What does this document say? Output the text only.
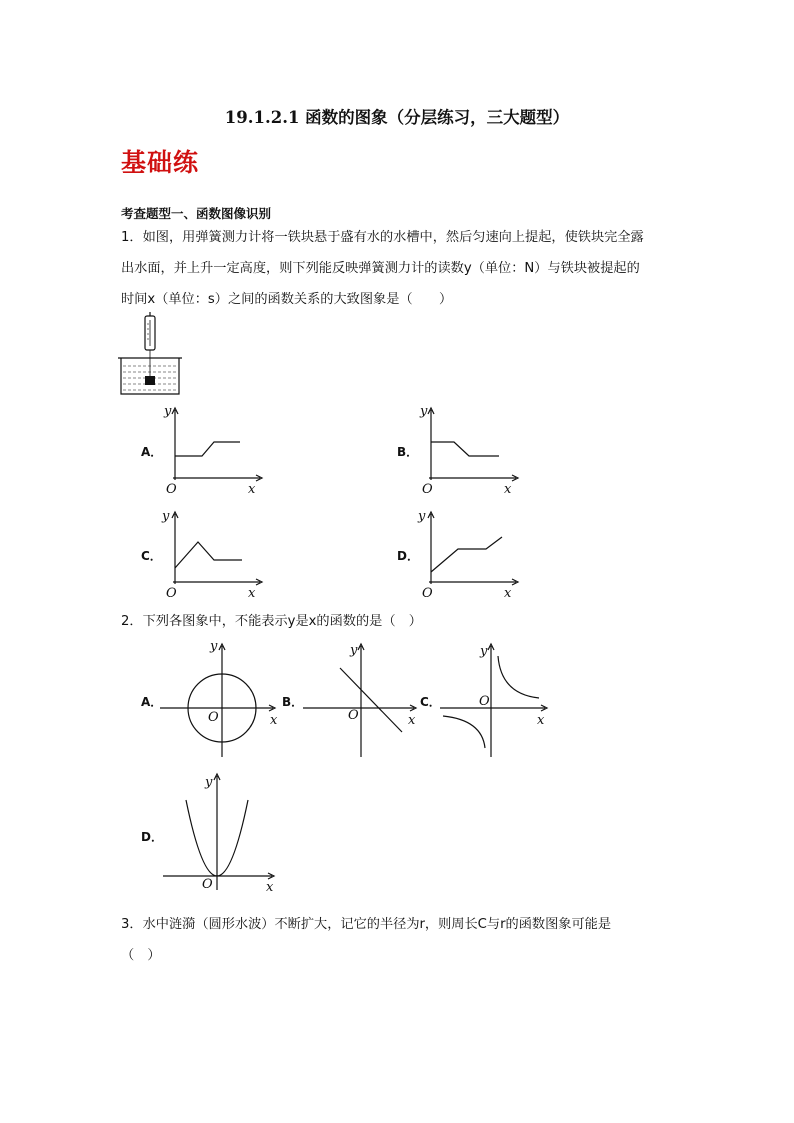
19.1.2.1 函数的图象（分层练习，三大题型）
基础练
考查题型一、函数图像识别
1．如图，用弹簧测力计将一铁块悬于盛有水的水槽中，然后匀速向上提起，使铁块完全露
出水面，并上升一定高度，则下列能反映弹簧测力计的读数y（单位：N）与铁块被提起的
时间x（单位：s）之间的函数关系的大致图象是（　　）
A．
y
x
O
B．
y
x
O
C．
y
x
O
D．
y
x
O
2．下列各图象中，不能表示y是x的函数的是（　）
A．
y
x
O
B．
y
x
O
C．
y
x
O
D．
y
x
O
3．水中涟漪（圆形水波）不断扩大，记它的半径为r，则周长C与r的函数图象可能是
（　）
